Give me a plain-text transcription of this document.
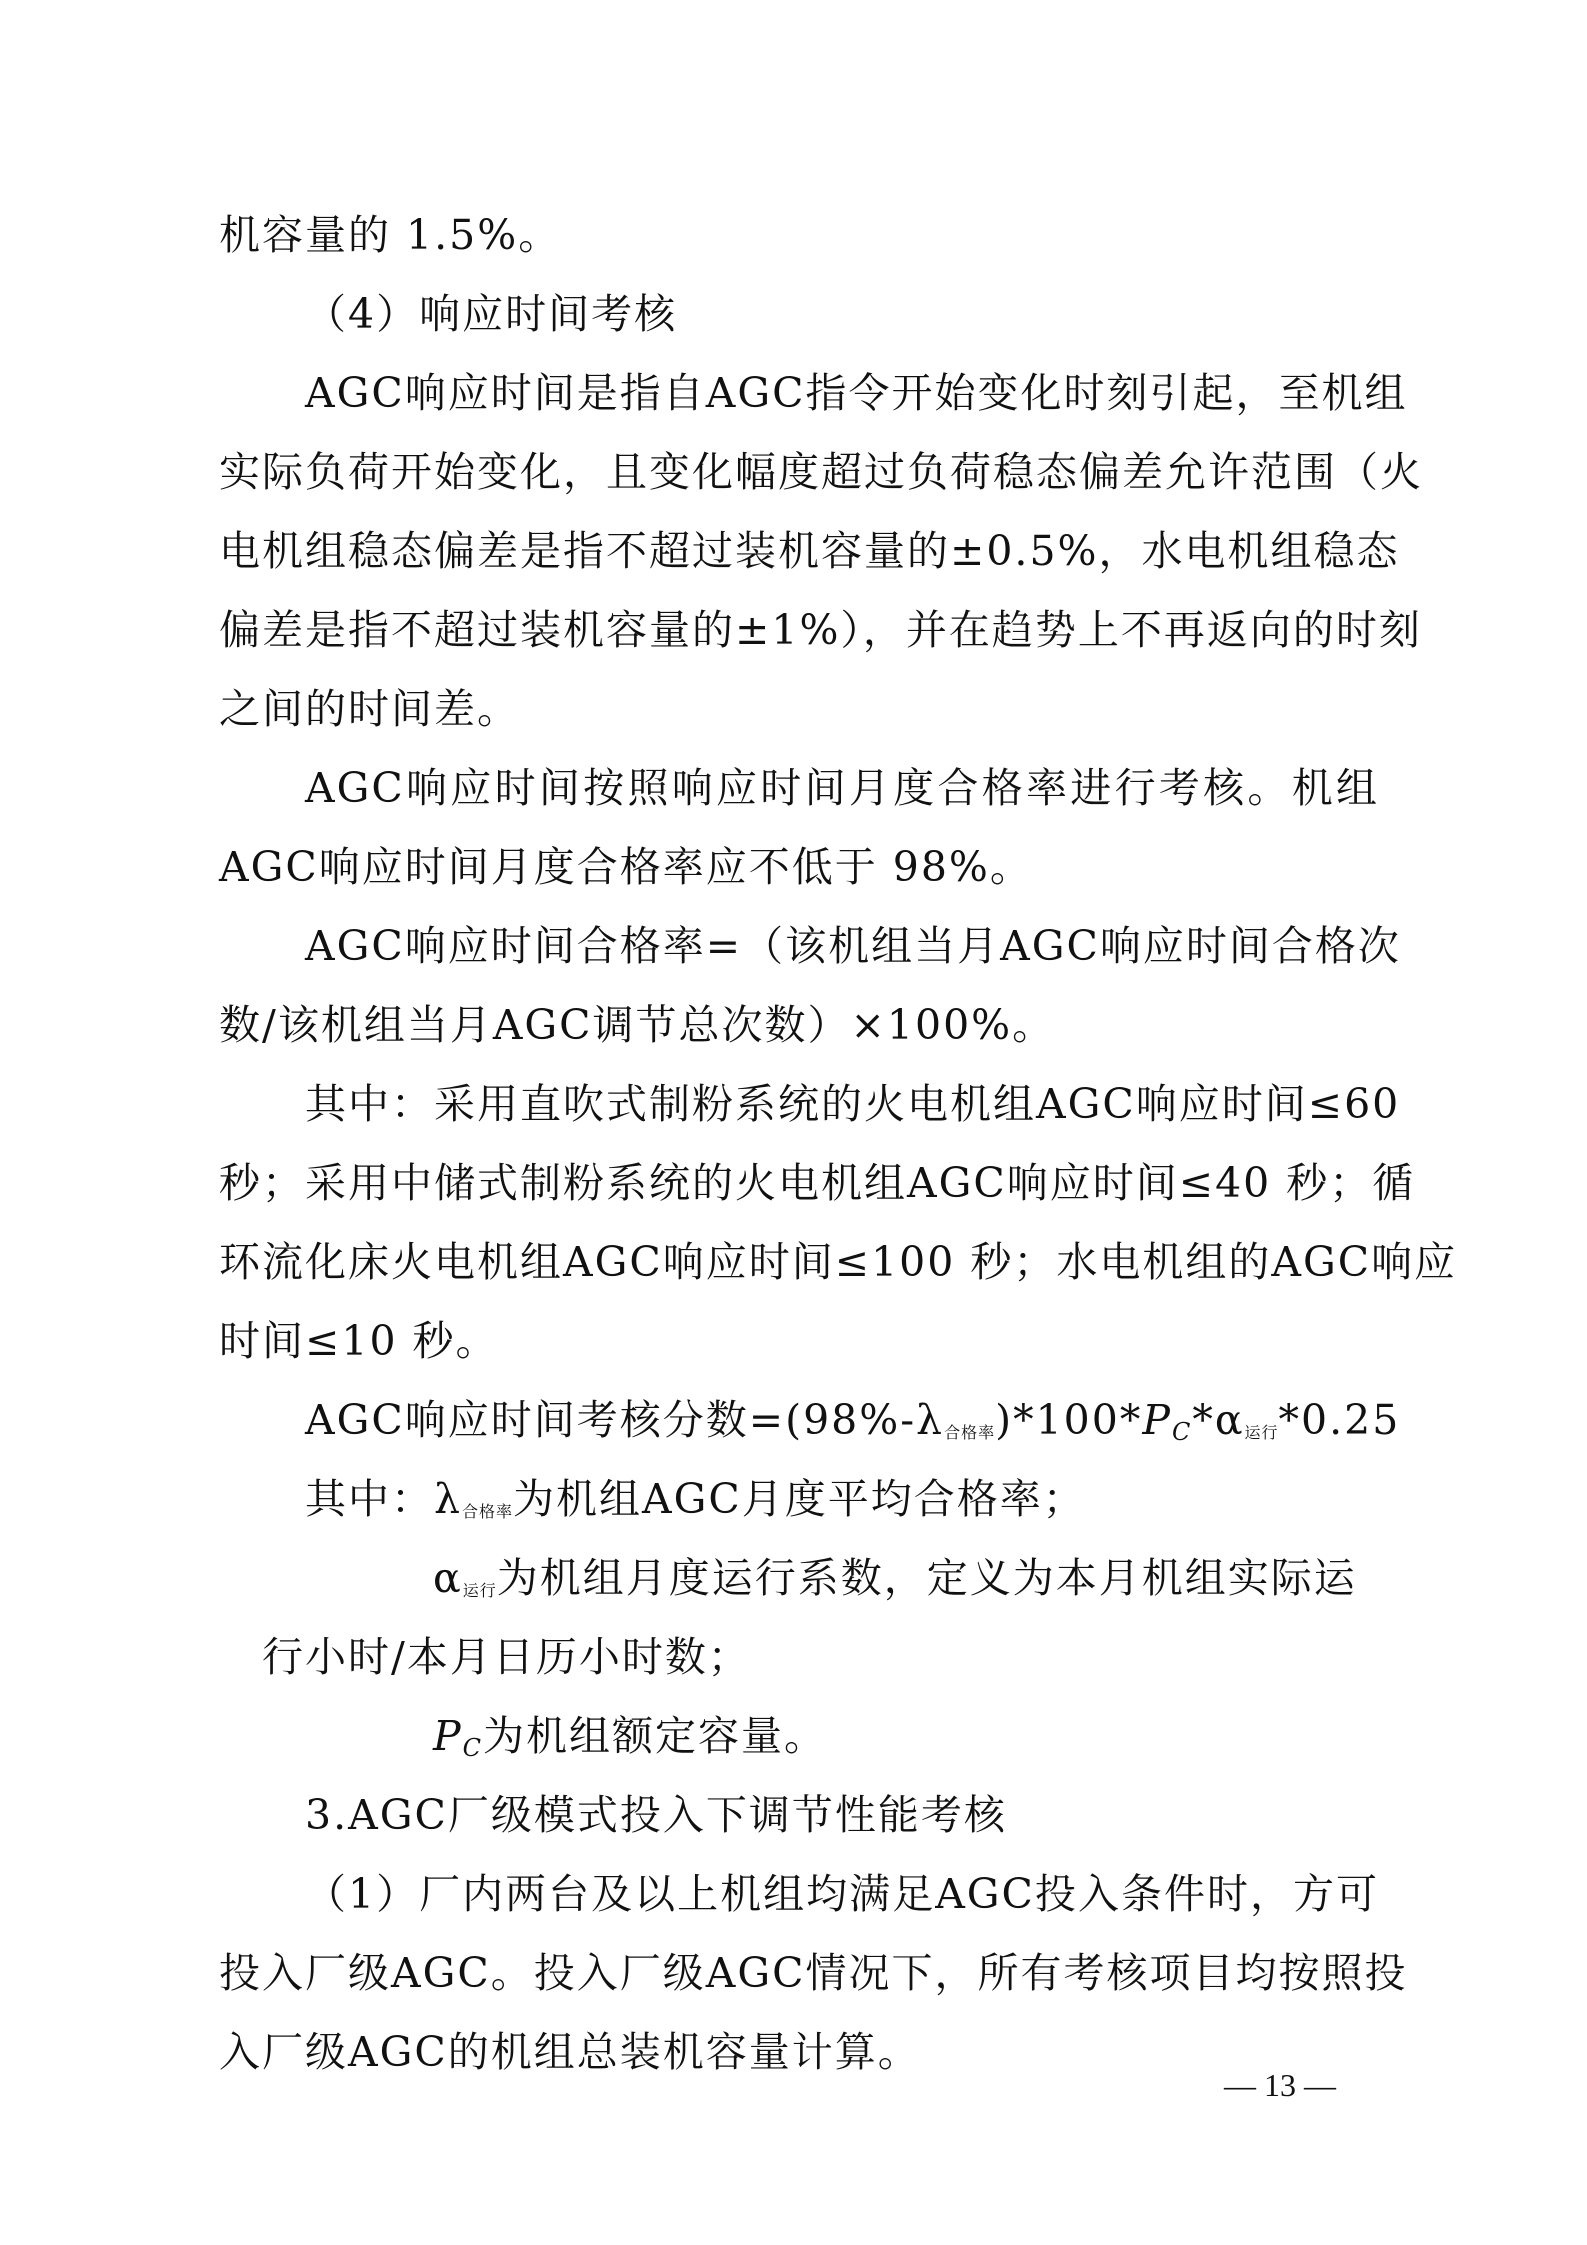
机容量的 1.5%。
（4）响应时间考核
AGC响应时间是指自AGC指令开始变化时刻引起，至机组
实际负荷开始变化，且变化幅度超过负荷稳态偏差允许范围（火
电机组稳态偏差是指不超过装机容量的±0.5%，水电机组稳态
偏差是指不超过装机容量的±1%），并在趋势上不再返向的时刻
之间的时间差。
AGC响应时间按照响应时间月度合格率进行考核。机组
AGC响应时间月度合格率应不低于 98%。
AGC响应时间合格率=（该机组当月AGC响应时间合格次
数/该机组当月AGC调节总次数）×100%。
其中：采用直吹式制粉系统的火电机组AGC响应时间≤60
秒；采用中储式制粉系统的火电机组AGC响应时间≤40 秒；循
环流化床火电机组AGC响应时间≤100 秒；水电机组的AGC响应
时间≤10 秒。
AGC响应时间考核分数$=(98\%-\lambda_{合格率})*100*PC*\alpha_{运行}*0.25$
其中：$\lambda_{合格率}$为机组AGC月度平均合格率；
$\alpha_{运行}$为机组月度运行系数，定义为本月机组实际运
行小时/本月日历小时数；
PC为机组额定容量。
3.AGC厂级模式投入下调节性能考核
（1）厂内两台及以上机组均满足AGC投入条件时，方可
投入厂级AGC。投入厂级AGC情况下，所有考核项目均按照投
入厂级AGC的机组总装机容量计算。
— 13 —
